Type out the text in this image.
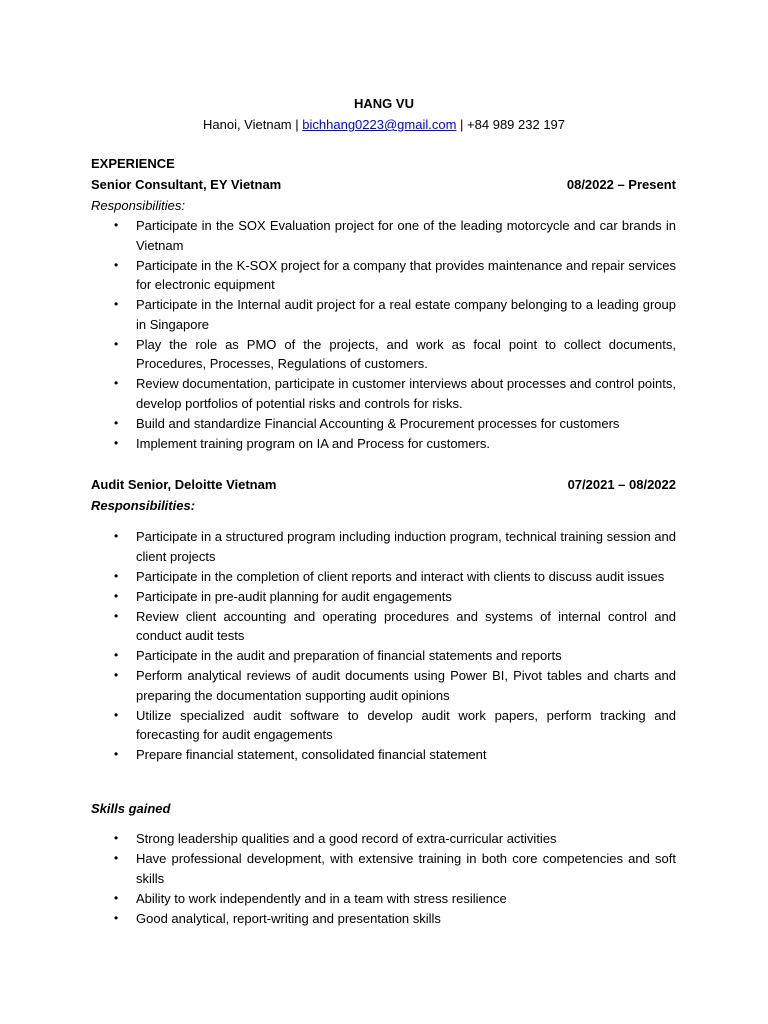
HANG VU
Hanoi, Vietnam | bichhang0223@gmail.com | +84 989 232 197
EXPERIENCE
Senior Consultant, EY Vietnam	08/2022 – Present
Responsibilities:
• Participate in the SOX Evaluation project for one of the leading motorcycle and car brands in Vietnam
• Participate in the K-SOX project for a company that provides maintenance and repair services for electronic equipment
• Participate in the Internal audit project for a real estate company belonging to a leading group in Singapore
• Play the role as PMO of the projects, and work as focal point to collect documents, Procedures, Processes, Regulations of customers.
• Review documentation, participate in customer interviews about processes and control points, develop portfolios of potential risks and controls for risks.
• Build and standardize Financial Accounting & Procurement processes for customers
• Implement training program on IA and Process for customers.
Audit Senior, Deloitte Vietnam	07/2021 – 08/2022
Responsibilities:
• Participate in a structured program including induction program, technical training session and client projects
• Participate in the completion of client reports and interact with clients to discuss audit issues
• Participate in pre-audit planning for audit engagements
• Review client accounting and operating procedures and systems of internal control and conduct audit tests
• Participate in the audit and preparation of financial statements and reports
• Perform analytical reviews of audit documents using Power BI, Pivot tables and charts and preparing the documentation supporting audit opinions
• Utilize specialized audit software to develop audit work papers, perform tracking and forecasting for audit engagements
• Prepare financial statement, consolidated financial statement
Skills gained
• Strong leadership qualities and a good record of extra-curricular activities
• Have professional development, with extensive training in both core competencies and soft skills
• Ability to work independently and in a team with stress resilience
• Good analytical, report-writing and presentation skills
